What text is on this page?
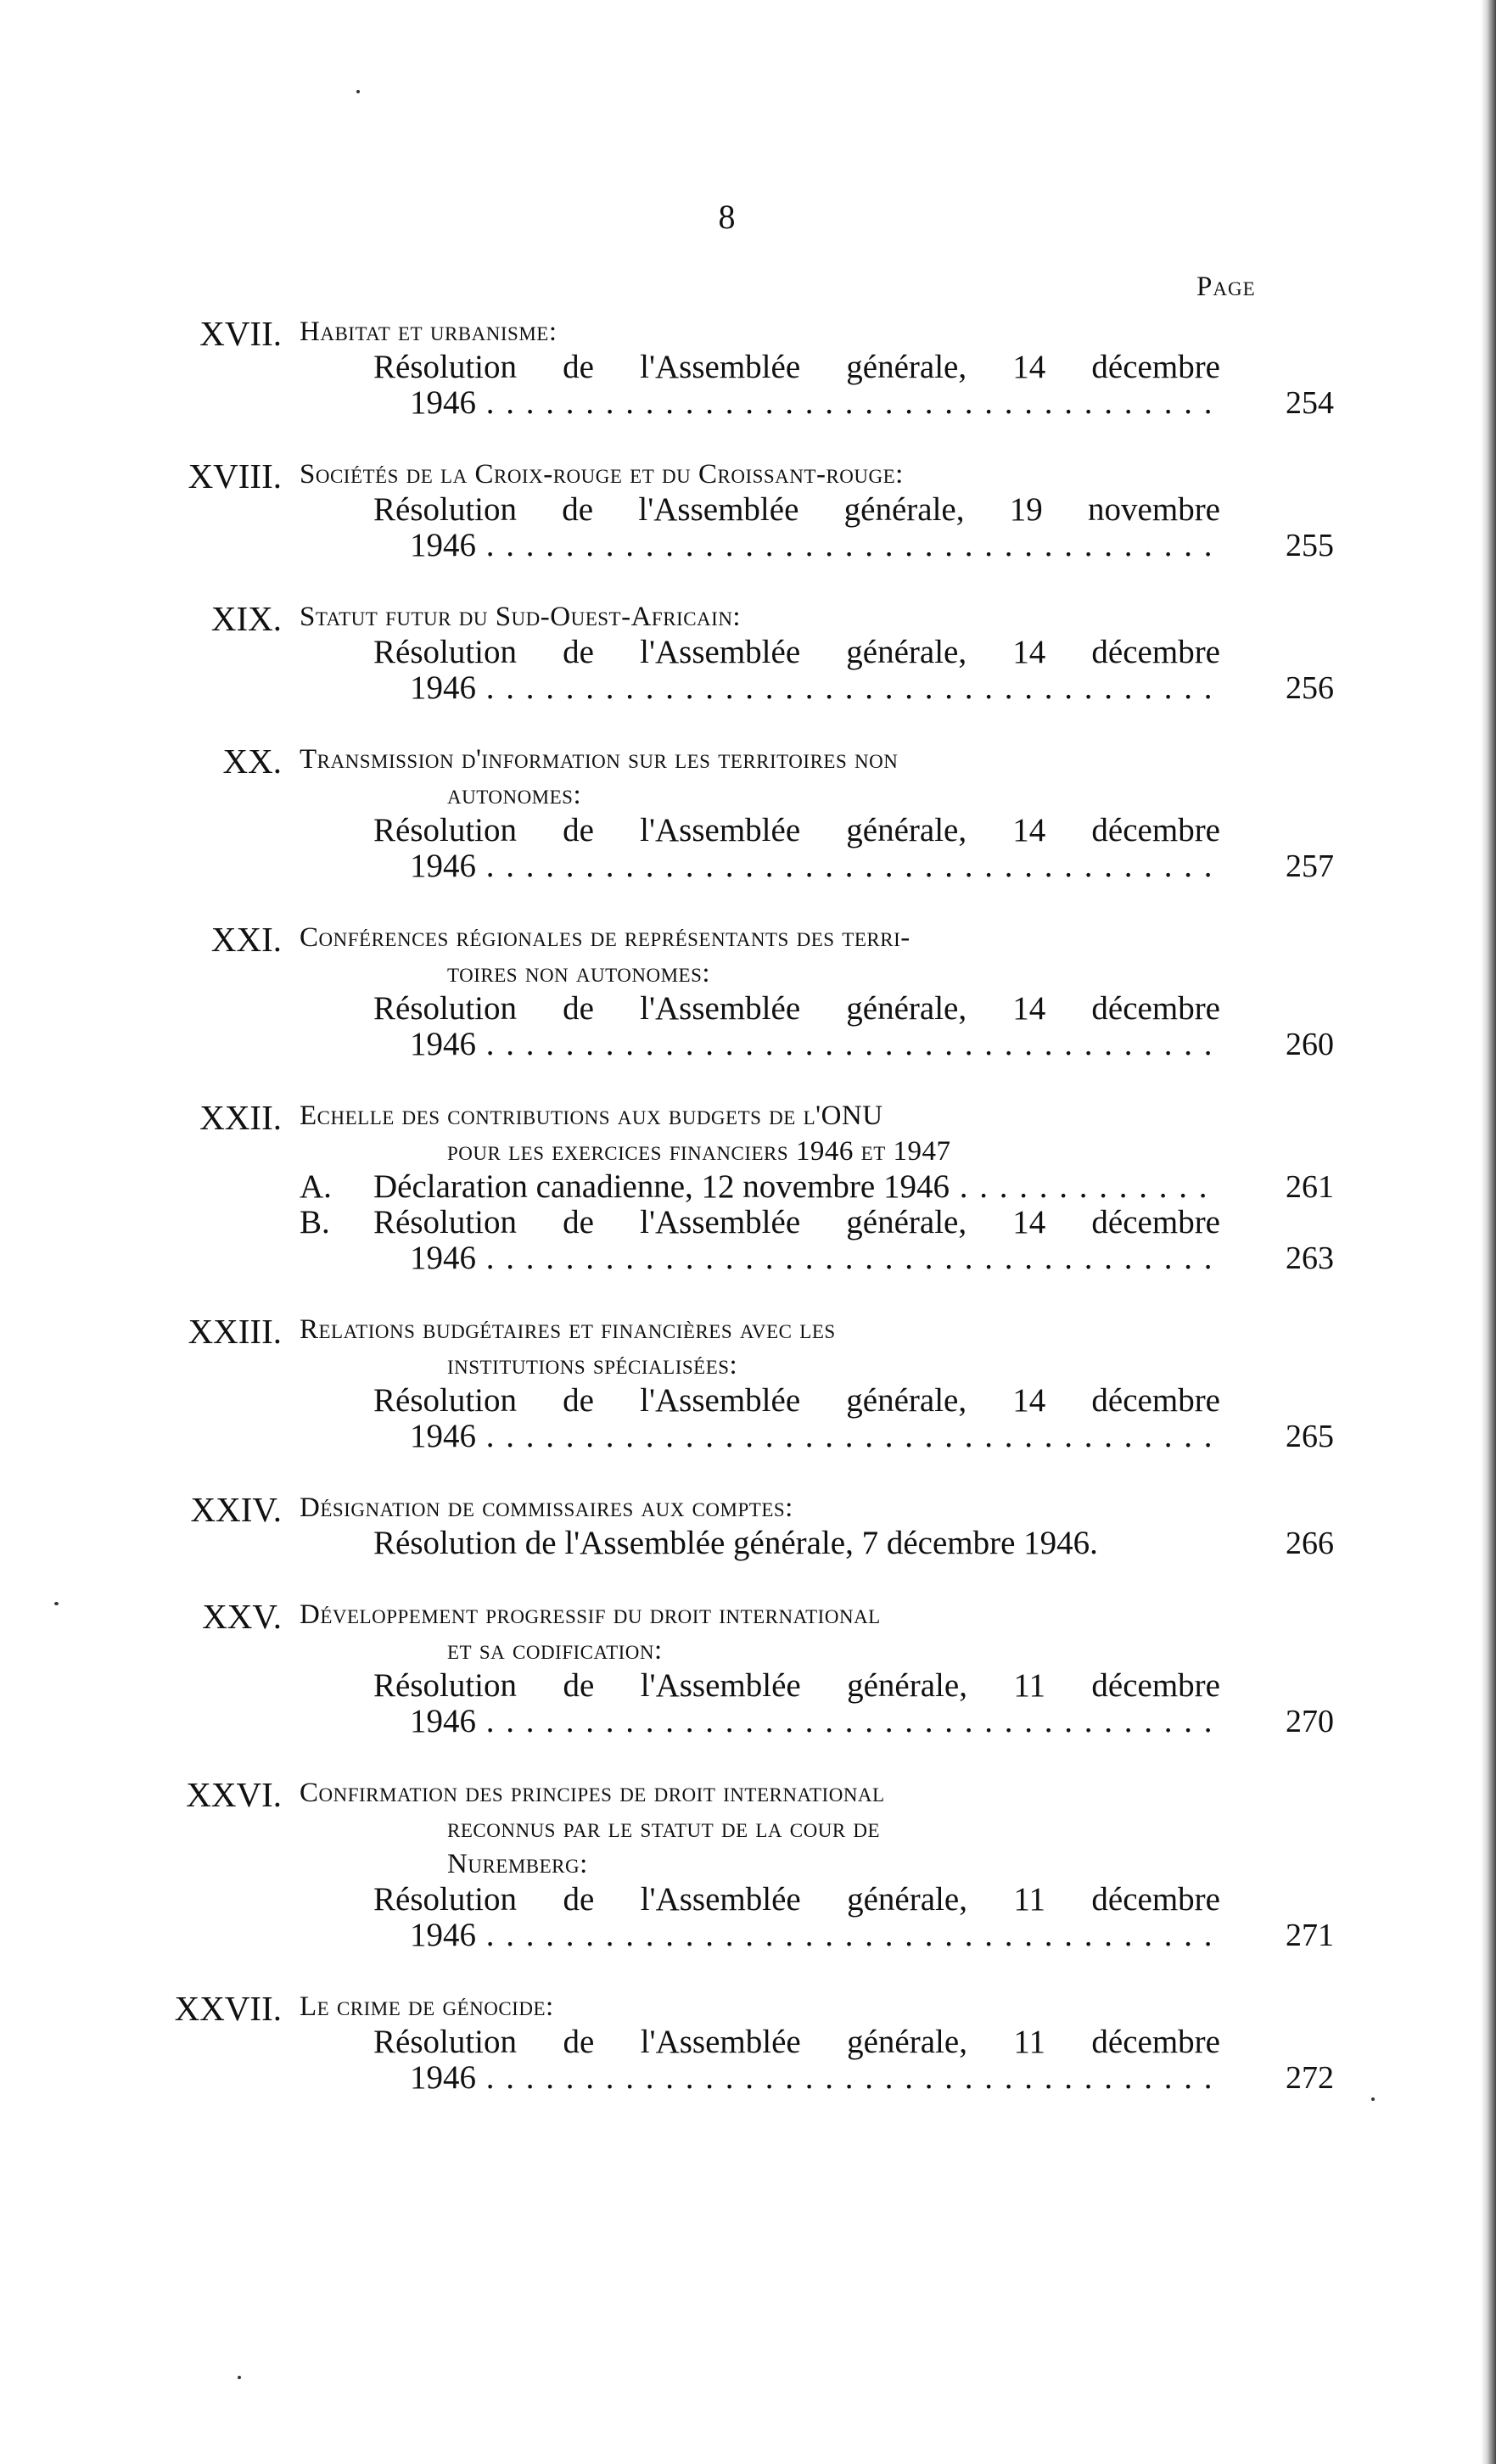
8
Page
XVII. Habitat et urbanisme:
Résolution de l'Assemblée générale, 14 décembre
1946 . . .	254
XVIII. Sociétés de la Croix-rouge et du Croissant-rouge:
Résolution de l'Assemblée générale, 19 novembre
1946 . . .	255
XIX. Statut futur du Sud-Ouest-Africain:
Résolution de l'Assemblée générale, 14 décembre
1946 . . .	256
XX. Transmission d'information sur les territoires non
autonomes:
Résolution de l'Assemblée générale, 14 décembre
1946 . . .	257
XXI. Conférences régionales de représentants des terri-
toires non autonomes:
Résolution de l'Assemblée générale, 14 décembre
1946 . . .	260
XXII. Echelle des contributions aux budgets de l'ONU
pour les exercices financiers 1946 et 1947
A. Déclaration canadienne, 12 novembre 1946 . . .	261
B. Résolution de l'Assemblée générale, 14 décembre
1946 . . .	263
XXIII. Relations budgétaires et financières avec les
institutions spécialisées:
Résolution de l'Assemblée générale, 14 décembre
1946 . . .	265
XXIV. Désignation de commissaires aux comptes:
Résolution de l'Assemblée générale, 7 décembre 1946.	266
XXV. Développement progressif du droit international
et sa codification:
Résolution de l'Assemblée générale, 11 décembre
1946 . . .	270
XXVI. Confirmation des principes de droit international
reconnus par le statut de la cour de
Nuremberg:
Résolution de l'Assemblée générale, 11 décembre
1946 . . .	271
XXVII. Le crime de génocide:
Résolution de l'Assemblée générale, 11 décembre
1946 . . .	272
